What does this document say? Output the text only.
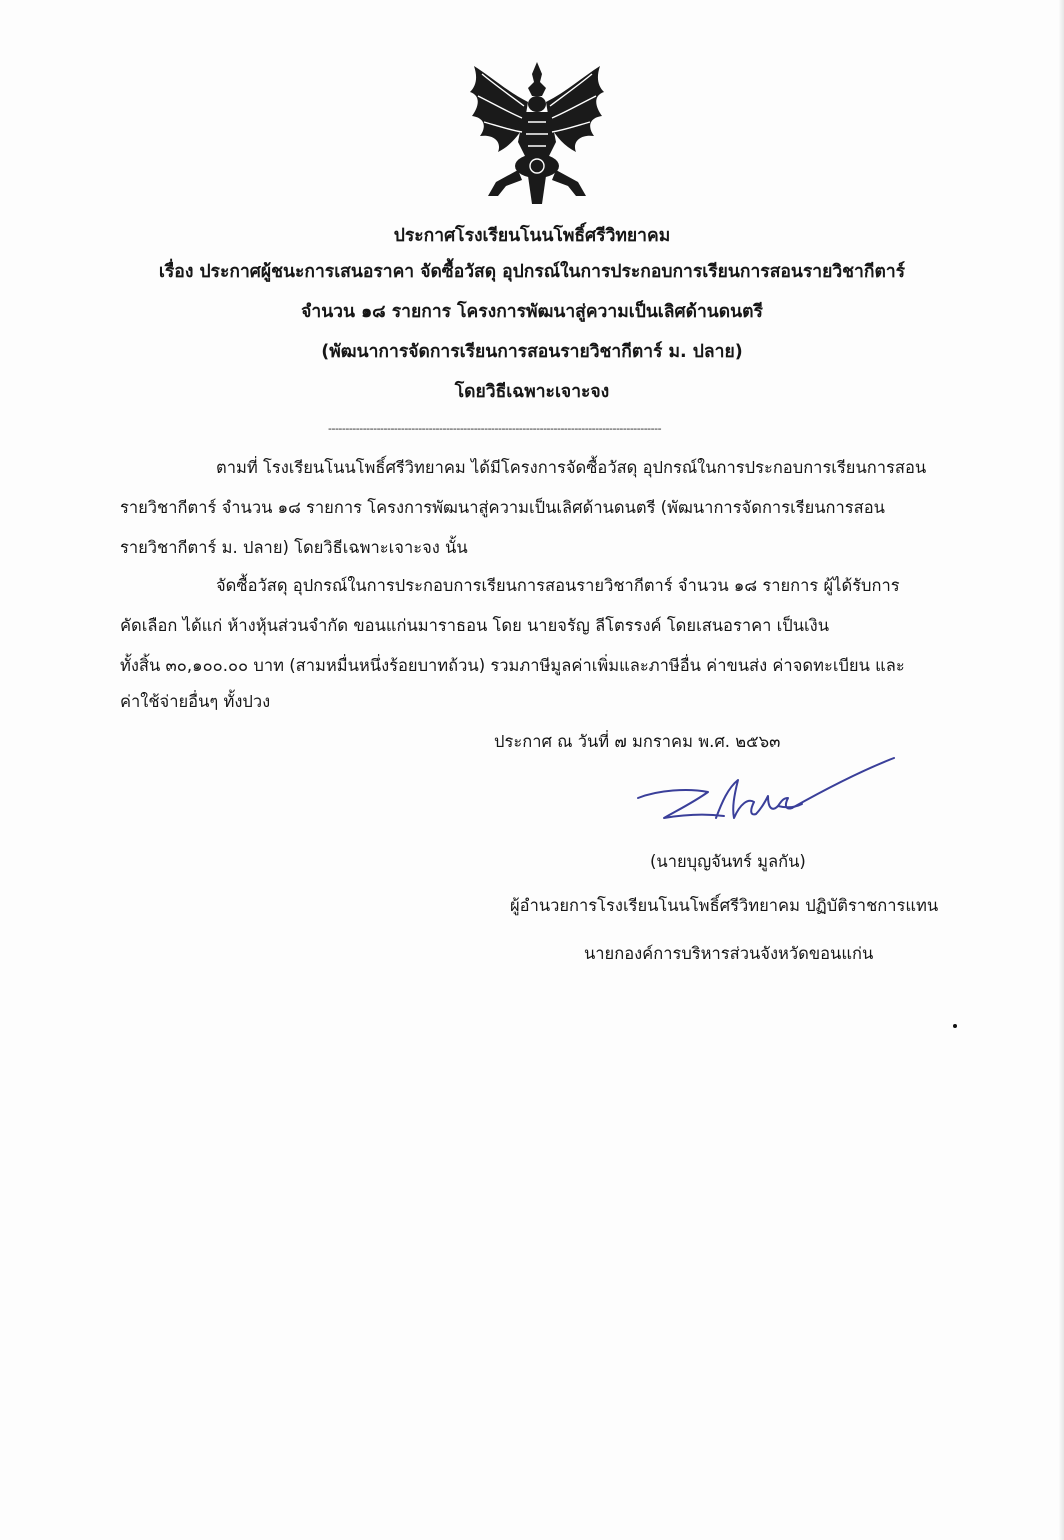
ประกาศโรงเรียนโนนโพธิ์ศรีวิทยาคม
เรื่อง ประกาศผู้ชนะการเสนอราคา จัดซื้อวัสดุ อุปกรณ์ในการประกอบการเรียนการสอนรายวิชากีตาร์
จำนวน ๑๘ รายการ โครงการพัฒนาสู่ความเป็นเลิศด้านดนตรี
(พัฒนาการจัดการเรียนการสอนรายวิชากีตาร์ ม. ปลาย)
โดยวิธีเฉพาะเจาะจง
------------------------------------------------------------------------------------------------
ตามที่ โรงเรียนโนนโพธิ์ศรีวิทยาคม ได้มีโครงการจัดซื้อวัสดุ อุปกรณ์ในการประกอบการเรียนการสอน
รายวิชากีตาร์ จำนวน ๑๘ รายการ โครงการพัฒนาสู่ความเป็นเลิศด้านดนตรี (พัฒนาการจัดการเรียนการสอน
รายวิชากีตาร์ ม. ปลาย) โดยวิธีเฉพาะเจาะจง นั้น
จัดซื้อวัสดุ อุปกรณ์ในการประกอบการเรียนการสอนรายวิชากีตาร์ จำนวน ๑๘ รายการ ผู้ได้รับการ
คัดเลือก ได้แก่ ห้างหุ้นส่วนจำกัด ขอนแก่นมาราธอน โดย นายจรัญ ลีโตรรงค์ โดยเสนอราคา เป็นเงิน
ทั้งสิ้น ๓๐,๑๐๐.๐๐ บาท (สามหมื่นหนึ่งร้อยบาทถ้วน) รวมภาษีมูลค่าเพิ่มและภาษีอื่น ค่าขนส่ง ค่าจดทะเบียน และ
ค่าใช้จ่ายอื่นๆ ทั้งปวง
ประกาศ ณ วันที่ ๗ มกราคม พ.ศ. ๒๕๖๓
(นายบุญจันทร์ มูลกัน)
ผู้อำนวยการโรงเรียนโนนโพธิ์ศรีวิทยาคม ปฏิบัติราชการแทน
นายกองค์การบริหารส่วนจังหวัดขอนแก่น
